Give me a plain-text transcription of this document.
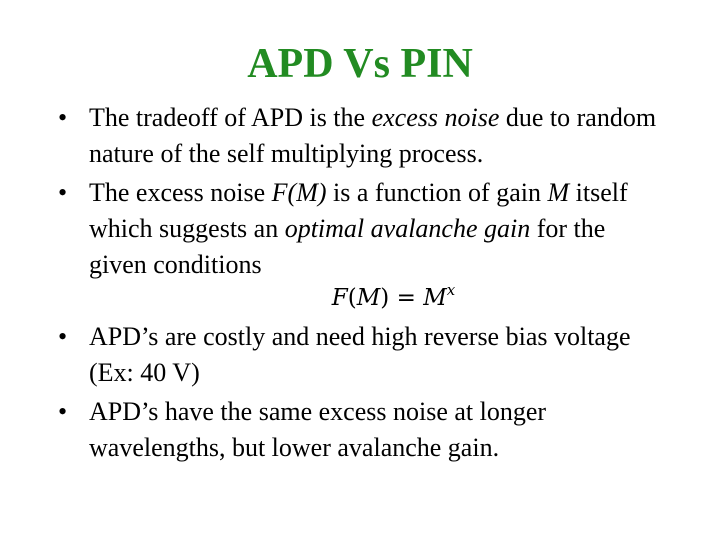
APD Vs PIN
• The tradeoff of APD is the excess noise due to random nature of the self multiplying process.
• The excess noise F(M) is a function of gain M itself which suggests an optimal avalanche gain for the given conditions
$F(M) = M^x$
• APD’s are costly and need high reverse bias voltage (Ex: 40 V)
• APD’s have the same excess noise at longer wavelengths, but lower avalanche gain.
